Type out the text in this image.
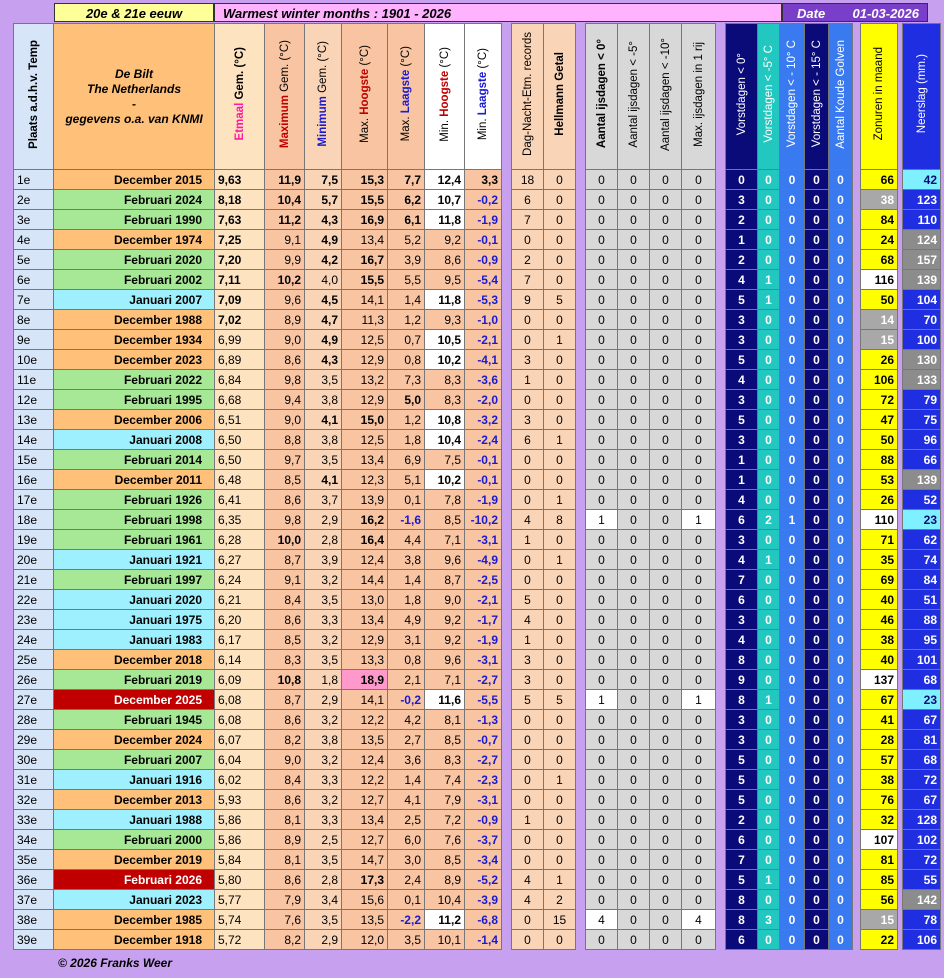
20e & 21e eeuw	Warmest winter months : 1901 - 2026	Date 01-03-2026
Plaats a.d.h.v. Temp	De Bilt
The Netherlands
-
gegevens o.a. van KNMI	Etmaal Gem. (°C)	Maximum Gem. (°C)	Minimum Gem. (°C)	Max. Hoogste (°C)	Max. Laagste (°C)	Min. Hoogste (°C)	Min. Laagste (°C)		Dag-Nacht-Etm. records	Hellmann Getal		Aantal ijsdagen < 0°	Aantal ijsdagen < -5°	Aantal ijsdagen < -10°	Max. ijsdagen in 1 rij		Vorstdagen < 0°	Vorstdagen < -5° C	Vorstdagen < - 10° C	Vorstdagen < - 15° C	Aantal Koude Golven		Zonuren in maand		Neerslag (mm.)
1e	December 2015	9,63	11,9	7,5	15,3	7,7	12,4	3,3		18	0		0	0	0	0		0	0	0	0	0		66		42
2e	Februari 2024	8,18	10,4	5,7	15,5	6,2	10,7	-0,2		6	0		0	0	0	0		3	0	0	0	0		38		123
3e	Februari 1990	7,63	11,2	4,3	16,9	6,1	11,8	-1,9		7	0		0	0	0	0		2	0	0	0	0		84		110
4e	December 1974	7,25	9,1	4,9	13,4	5,2	9,2	-0,1		0	0		0	0	0	0		1	0	0	0	0		24		124
5e	Februari 2020	7,20	9,9	4,2	16,7	3,9	8,6	-0,9		2	0		0	0	0	0		2	0	0	0	0		68		157
6e	Februari 2002	7,11	10,2	4,0	15,5	5,5	9,5	-5,4		7	0		0	0	0	0		4	1	0	0	0		116		139
7e	Januari 2007	7,09	9,6	4,5	14,1	1,4	11,8	-5,3		9	5		0	0	0	0		5	1	0	0	0		50		104
8e	December 1988	7,02	8,9	4,7	11,3	1,2	9,3	-1,0		0	0		0	0	0	0		3	0	0	0	0		14		70
9e	December 1934	6,99	9,0	4,9	12,5	0,7	10,5	-2,1		0	1		0	0	0	0		3	0	0	0	0		15		100
10e	December 2023	6,89	8,6	4,3	12,9	0,8	10,2	-4,1		3	0		0	0	0	0		5	0	0	0	0		26		130
11e	Februari 2022	6,84	9,8	3,5	13,2	7,3	8,3	-3,6		1	0		0	0	0	0		4	0	0	0	0		106		133
12e	Februari 1995	6,68	9,4	3,8	12,9	5,0	8,3	-2,0		0	0		0	0	0	0		3	0	0	0	0		72		79
13e	December 2006	6,51	9,0	4,1	15,0	1,2	10,8	-3,2		3	0		0	0	0	0		5	0	0	0	0		47		75
14e	Januari 2008	6,50	8,8	3,8	12,5	1,8	10,4	-2,4		6	1		0	0	0	0		3	0	0	0	0		50		96
15e	Februari 2014	6,50	9,7	3,5	13,4	6,9	7,5	-0,1		0	0		0	0	0	0		1	0	0	0	0		88		66
16e	December 2011	6,48	8,5	4,1	12,3	5,1	10,2	-0,1		0	0		0	0	0	0		1	0	0	0	0		53		139
17e	Februari 1926	6,41	8,6	3,7	13,9	0,1	7,8	-1,9		0	1		0	0	0	0		4	0	0	0	0		26		52
18e	Februari 1998	6,35	9,8	2,9	16,2	-1,6	8,5	-10,2		4	8		1	0	0	1		6	2	1	0	0		110		23
19e	Februari 1961	6,28	10,0	2,8	16,4	4,4	7,1	-3,1		1	0		0	0	0	0		3	0	0	0	0		71		62
20e	Januari 1921	6,27	8,7	3,9	12,4	3,8	9,6	-4,9		0	1		0	0	0	0		4	1	0	0	0		35		74
21e	Februari 1997	6,24	9,1	3,2	14,4	1,4	8,7	-2,5		0	0		0	0	0	0		7	0	0	0	0		69		84
22e	Januari 2020	6,21	8,4	3,5	13,0	1,8	9,0	-2,1		5	0		0	0	0	0		6	0	0	0	0		40		51
23e	Januari 1975	6,20	8,6	3,3	13,4	4,9	9,2	-1,7		4	0		0	0	0	0		3	0	0	0	0		46		88
24e	Januari 1983	6,17	8,5	3,2	12,9	3,1	9,2	-1,9		1	0		0	0	0	0		4	0	0	0	0		38		95
25e	December 2018	6,14	8,3	3,5	13,3	0,8	9,6	-3,1		3	0		0	0	0	0		8	0	0	0	0		40		101
26e	Februari 2019	6,09	10,8	1,8	18,9	2,1	7,1	-2,7		3	0		0	0	0	0		9	0	0	0	0		137		68
27e	December 2025	6,08	8,7	2,9	14,1	-0,2	11,6	-5,5		5	5		1	0	0	1		8	1	0	0	0		67		23
28e	Februari 1945	6,08	8,6	3,2	12,2	4,2	8,1	-1,3		0	0		0	0	0	0		3	0	0	0	0		41		67
29e	December 2024	6,07	8,2	3,8	13,5	2,7	8,5	-0,7		0	0		0	0	0	0		3	0	0	0	0		28		81
30e	Februari 2007	6,04	9,0	3,2	12,4	3,6	8,3	-2,7		0	0		0	0	0	0		5	0	0	0	0		57		68
31e	Januari 1916	6,02	8,4	3,3	12,2	1,4	7,4	-2,3		0	1		0	0	0	0		5	0	0	0	0		38		72
32e	December 2013	5,93	8,6	3,2	12,7	4,1	7,9	-3,1		0	0		0	0	0	0		5	0	0	0	0		76		67
33e	Januari 1988	5,86	8,1	3,3	13,4	2,5	7,2	-0,9		1	0		0	0	0	0		2	0	0	0	0		32		128
34e	Februari 2000	5,86	8,9	2,5	12,7	6,0	7,6	-3,7		0	0		0	0	0	0		6	0	0	0	0		107		102
35e	December 2019	5,84	8,1	3,5	14,7	3,0	8,5	-3,4		0	0		0	0	0	0		7	0	0	0	0		81		72
36e	Februari 2026	5,80	8,6	2,8	17,3	2,4	8,9	-5,2		4	1		0	0	0	0		5	1	0	0	0		85		55
37e	Januari 2023	5,77	7,9	3,4	15,6	0,1	10,4	-3,9		4	2		0	0	0	0		8	0	0	0	0		56		142
38e	December 1985	5,74	7,6	3,5	13,5	-2,2	11,2	-6,8		0	15		4	0	0	4		8	3	0	0	0		15		78
39e	December 1918	5,72	8,2	2,9	12,0	3,5	10,1	-1,4		0	0		0	0	0	0		6	0	0	0	0		22		106
© 2026 Franks Weer
